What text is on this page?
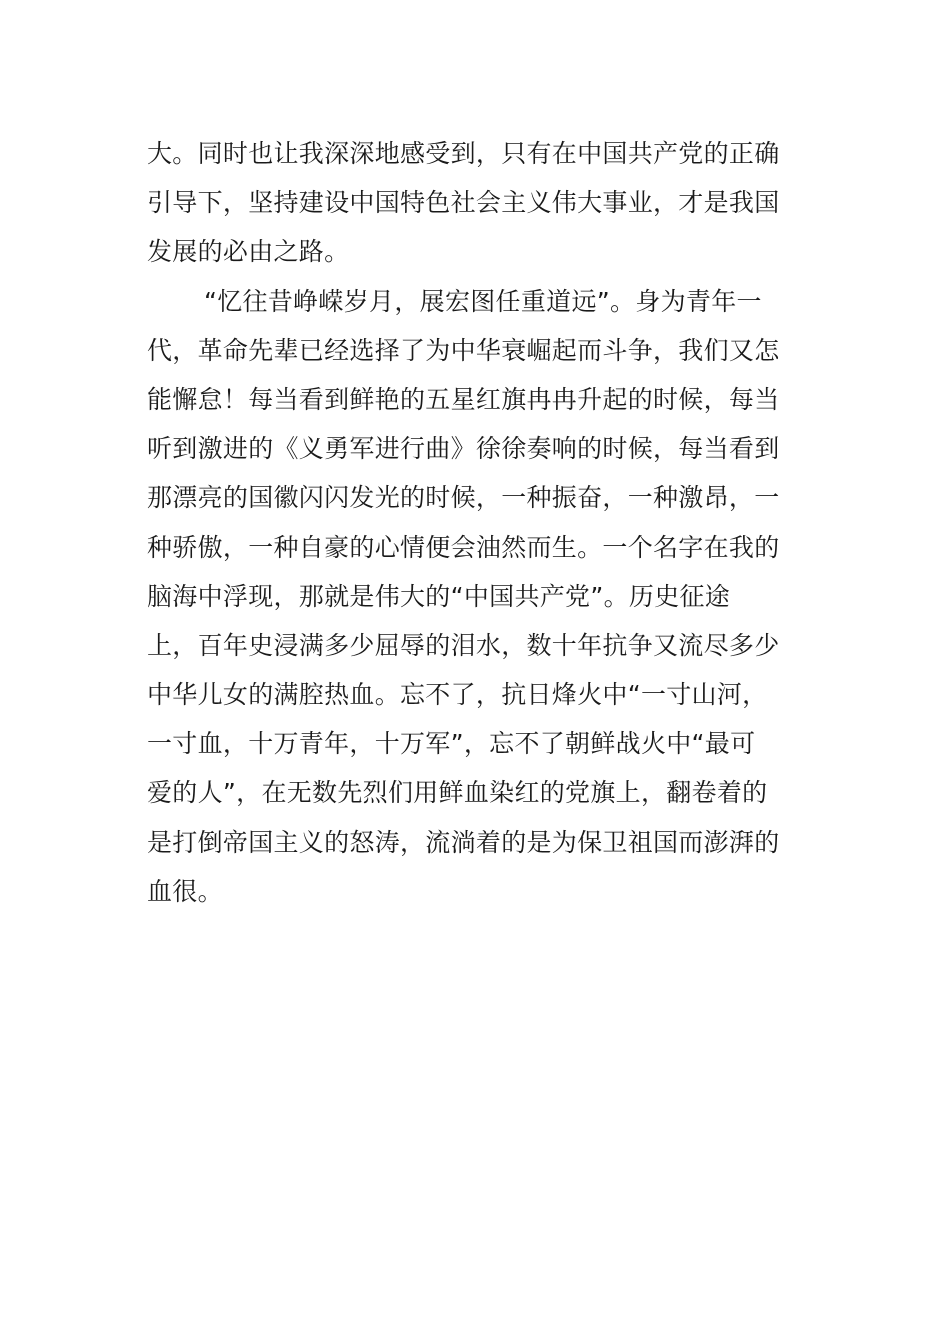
大。同时也让我深深地感受到，只有在中国共产党的正确
引导下，坚持建设中国特色社会主义伟大事业，才是我国
发展的必由之路。
“忆往昔峥嵘岁月，展宏图任重道远”。身为青年一
代，革命先辈已经选择了为中华衰崛起而斗争，我们又怎
能懈怠！每当看到鲜艳的五星红旗冉冉升起的时候，每当
听到激进的《义勇军进行曲》徐徐奏响的时候，每当看到
那漂亮的国徽闪闪发光的时候，一种振奋，一种激昂，一
种骄傲，一种自豪的心情便会油然而生。一个名字在我的
脑海中浮现，那就是伟大的“中国共产党”。历史征途
上，百年史浸满多少屈辱的泪水，数十年抗争又流尽多少
中华儿女的满腔热血。忘不了，抗日烽火中“一寸山河，
一寸血，十万青年，十万军”，忘不了朝鲜战火中“最可
爱的人”，在无数先烈们用鲜血染红的党旗上，翻卷着的
是打倒帝国主义的怒涛，流淌着的是为保卫祖国而澎湃的
血很。
